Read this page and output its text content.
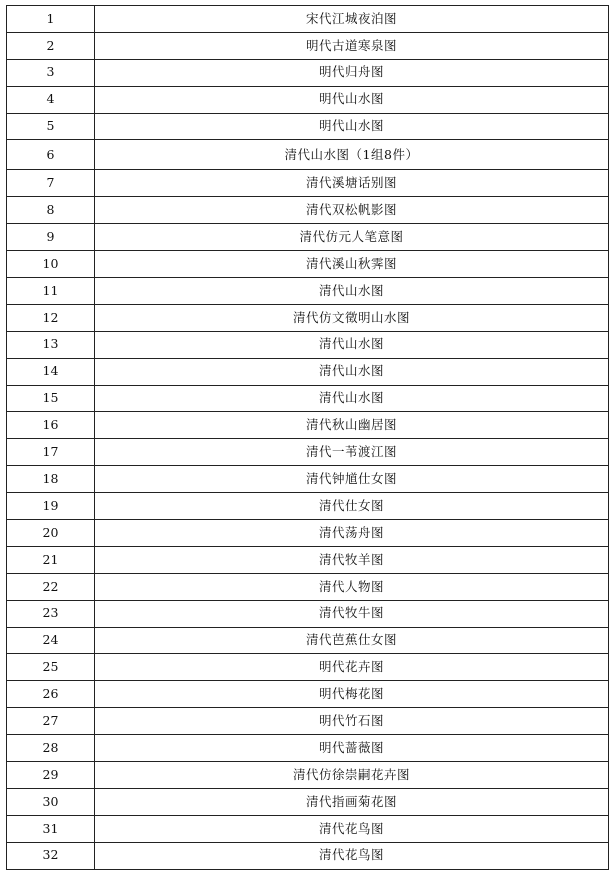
1	宋代江城夜泊图
2	明代古道寒泉图
3	明代归舟图
4	明代山水图
5	明代山水图
6	清代山水图（1组8件）
7	清代溪塘话别图
8	清代双松帆影图
9	清代仿元人笔意图
10	清代溪山秋霁图
11	清代山水图
12	清代仿文徵明山水图
13	清代山水图
14	清代山水图
15	清代山水图
16	清代秋山幽居图
17	清代一苇渡江图
18	清代钟馗仕女图
19	清代仕女图
20	清代荡舟图
21	清代牧羊图
22	清代人物图
23	清代牧牛图
24	清代芭蕉仕女图
25	明代花卉图
26	明代梅花图
27	明代竹石图
28	明代蔷薇图
29	清代仿徐崇嗣花卉图
30	清代指画菊花图
31	清代花鸟图
32	清代花鸟图
